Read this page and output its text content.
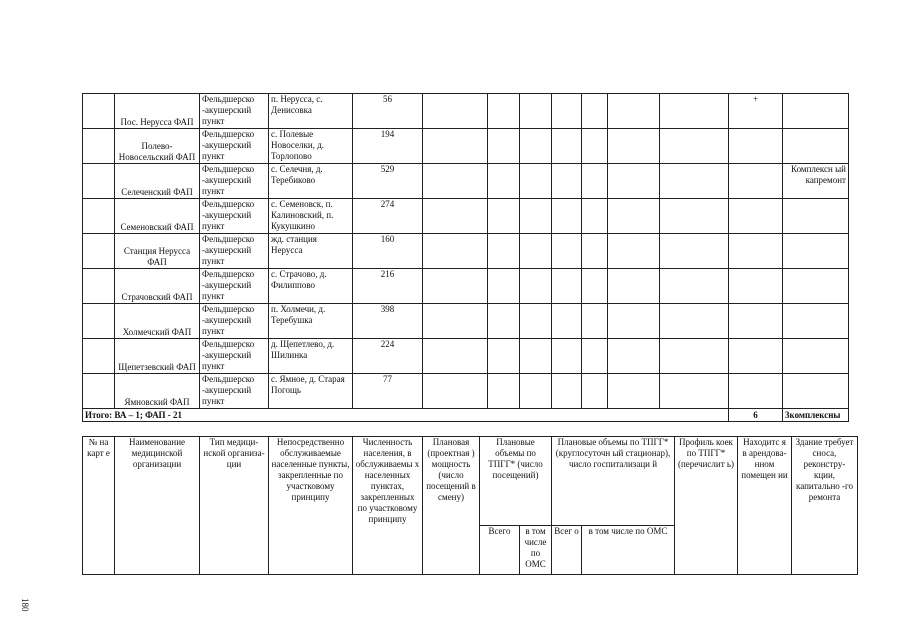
	Пос. Нерусса ФАП	Фельдшерско -акушерский пункт	п. Нерусса, с. Денисовка	56								+	
	Полево-Новосельский ФАП	Фельдшерско -акушерский пункт	с. Полевые Новоселки, д. Торлопово	194									
	Селеченский ФАП	Фельдшерско -акушерский пункт	с. Селечня, д. Теребиково	529									Комплексн ый капремонт
	Семеновский ФАП	Фельдшерско -акушерский пункт	с. Семеновск, п. Калиновский, п. Кукушкино	274									
	Станция Нерусса ФАП	Фельдшерско -акушерский пункт	жд. станция Нерусса	160									
	Страчовский ФАП	Фельдшерско -акушерский пункт	с. Страчово, д. Филиппово	216									
	Холмечский ФАП	Фельдшерско -акушерский пункт	п. Холмечи, д. Теребушка	398									
	Щепетзевский ФАП	Фельдшерско -акушерский пункт	д. Щепетлево, д. Шилинка	224									
	Ямновский ФАП	Фельдшерско -акушерский пункт	с. Ямное, д. Старая Погощь	77									
Итого: ВА – 1; ФАП - 21												6	3комплексны
№ на карт е	Наименование медицинской организации	Тип медици-нской организа-ции	Непосредственно обслуживаемые населенные пункты, закрепленные по участковому принципу	Численность населения, в обслуживаемы х населенных пунктах, закрепленных по участковому принципу	Плановая (проектная ) мощность (число посещений в смену)	Плановые объемы по ТПГГ* (число посещений)		Плановые объемы по ТПГГ* (круглосуточн ый стационар), число госпитализаци й		Профиль коек по ТПГГ* (перечислит ь)	Находитс я в арендова-нном помещен ии	Здание требует сноса, реконстру-кции, капитально -го ремонта
						Всего	в том числе по ОМС	Всег о	в том числе по ОМС			
180
